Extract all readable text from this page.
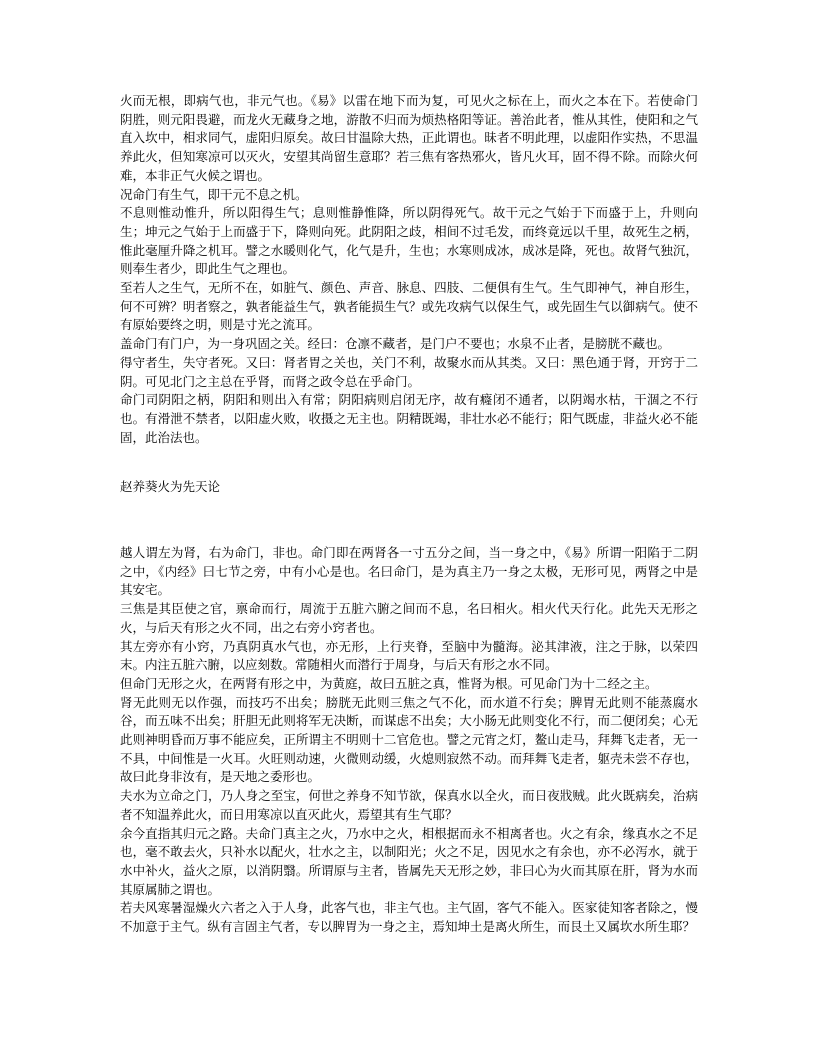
火而无根，即病气也，非元气也。《易》以雷在地下而为复，可见火之标在上，而火之本在下。若使命门阴胜，则元阳畏避，而龙火无藏身之地，游散不归而为烦热格阳等证。善治此者，惟从其性，使阳和之气直入坎中，相求同气，虚阳归原矣。故曰甘温除大热，正此谓也。昧者不明此理，以虚阳作实热，不思温养此火，但知寒凉可以灭火，安望其尚留生意耶？若三焦有客热邪火，皆凡火耳，固不得不除。而除火何难，本非正气火候之谓也。

况命门有生气，即干元不息之机。

不息则惟动惟升，所以阳得生气；息则惟静惟降，所以阴得死气。故干元之气始于下而盛于上，升则向生；坤元之气始于上而盛于下，降则向死。此阴阳之歧，相间不过毛发，而终竟远以千里，故死生之柄，惟此毫厘升降之机耳。譬之水暖则化气，化气是升，生也；水寒则成冰，成冰是降，死也。故肾气独沉，则奉生者少，即此生气之理也。

至若人之生气，无所不在，如脏气、颜色、声音、脉息、四肢、二便俱有生气。生气即神气，神自形生，何不可辨？明者察之，孰者能益生气，孰者能损生气？或先攻病气以保生气，或先固生气以御病气。使不有原始要终之明，则是寸光之流耳。

盖命门有门户，为一身巩固之关。经曰：仓凛不藏者，是门户不要也；水泉不止者，是膀胱不藏也。

得守者生，失守者死。又曰：肾者胃之关也，关门不利，故聚水而从其类。又曰：黑色通于肾，开窍于二阴。可见北门之主总在乎肾，而肾之政令总在乎命门。

命门司阴阳之柄，阴阳和则出入有常；阴阳病则启闭无序，故有癃闭不通者，以阴竭水枯，干涸之不行也。有滑泄不禁者，以阳虚火败，收摄之无主也。阴精既竭，非壮水必不能行；阳气既虚，非益火必不能固，此治法也。

赵养葵火为先天论

越人谓左为肾，右为命门，非也。命门即在两肾各一寸五分之间，当一身之中，《易》所谓一阳陷于二阴之中，《内经》曰七节之旁，中有小心是也。名曰命门，是为真主乃一身之太极，无形可见，两肾之中是其安宅。

三焦是其臣使之官，禀命而行，周流于五脏六腑之间而不息，名曰相火。相火代天行化。此先天无形之火，与后天有形之火不同，出之右旁小窍者也。

其左旁亦有小窍，乃真阴真水气也，亦无形，上行夹脊，至脑中为髓海。泌其津液，注之于脉，以荣四末。内注五脏六腑，以应刻数。常随相火而潜行于周身，与后天有形之水不同。

但命门无形之火，在两肾有形之中，为黄庭，故曰五脏之真，惟肾为根。可见命门为十二经之主。

肾无此则无以作强，而技巧不出矣；膀胱无此则三焦之气不化，而水道不行矣；脾胃无此则不能蒸腐水谷，而五味不出矣；肝胆无此则将军无决断，而谋虑不出矣；大小肠无此则变化不行，而二便闭矣；心无此则神明昏而万事不能应矣，正所谓主不明则十二官危也。譬之元宵之灯，鳌山走马，拜舞飞走者，无一不具，中间惟是一火耳。火旺则动速，火微则动缓，火熄则寂然不动。而拜舞飞走者，躯壳未尝不存也，故曰此身非汝有，是天地之委形也。

夫水为立命之门，乃人身之至宝，何世之养身不知节欲，保真水以全火，而日夜戕贼。此火既病矣，治病者不知温养此火，而日用寒凉以直灭此火，焉望其有生气耶？

余今直指其归元之路。夫命门真主之火，乃水中之火，相根据而永不相离者也。火之有余，缘真水之不足也，毫不敢去火，只补水以配火，壮水之主，以制阳光；火之不足，因见水之有余也，亦不必泻水，就于水中补火，益火之原，以消阴翳。所谓原与主者，皆属先天无形之妙，非曰心为火而其原在肝，肾为水而其原属肺之谓也。

若夫风寒暑湿燥火六者之入于人身，此客气也，非主气也。主气固，客气不能入。医家徒知客者除之，慢不加意于主气。纵有言固主气者，专以脾胃为一身之主，焉知坤土是离火所生，而艮土又属坎水所生耶？
